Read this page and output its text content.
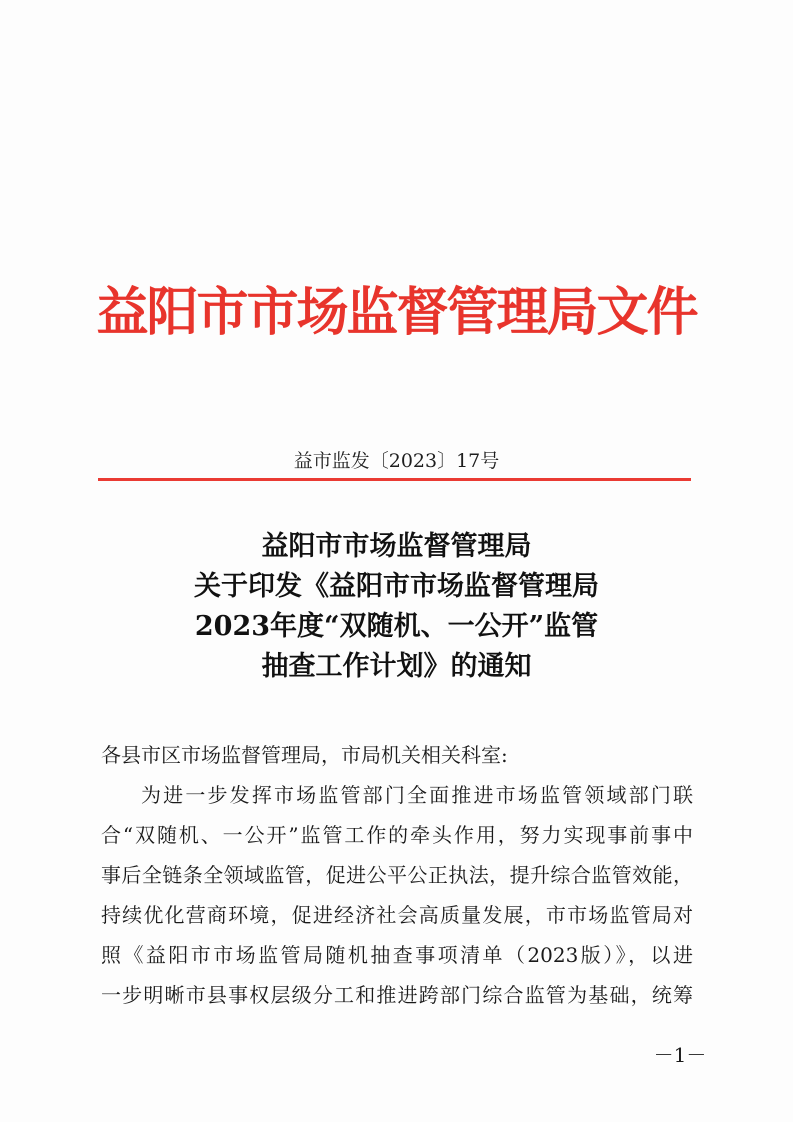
益阳市市场监督管理局文件
益市监发〔2023〕17号
益阳市市场监督管理局
关于印发《益阳市市场监督管理局
2023年度“双随机、一公开”监管
抽查工作计划》的通知
各县市区市场监督管理局，市局机关相关科室:
为进一步发挥市场监管部门全面推进市场监管领域部门联
合“双随机、一公开”监管工作的牵头作用，努力实现事前事中
事后全链条全领域监管，促进公平公正执法，提升综合监管效能，
持续优化营商环境，促进经济社会高质量发展，市市场监管局对
照《益阳市市场监管局随机抽查事项清单（2023版）》，以进
一步明晰市县事权层级分工和推进跨部门综合监管为基础，统筹
－1－
